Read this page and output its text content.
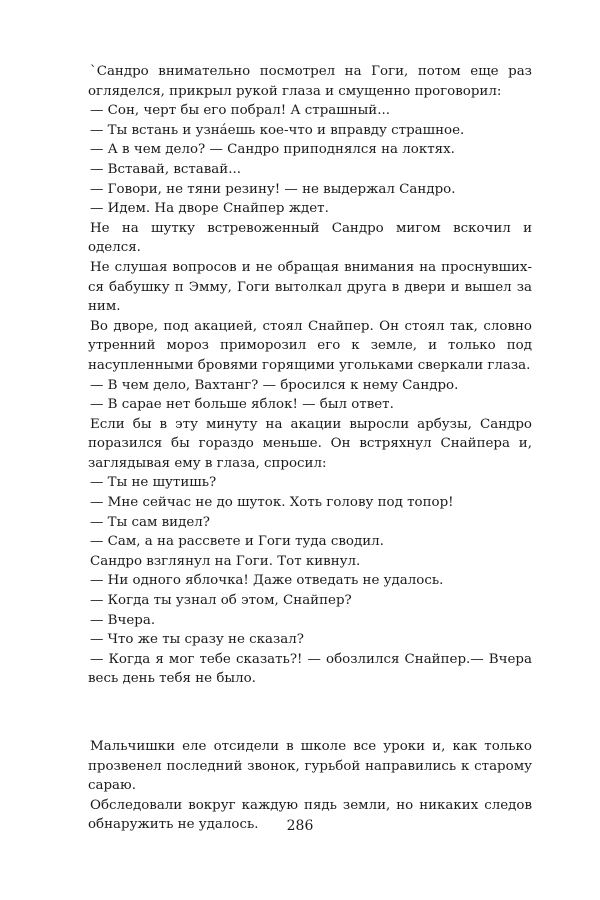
`Сандро внимательно посмотрел на Гоги, потом еще раз огляделся, прикрыл рукой глаза и смущенно проговорил:

— Сон, черт бы его побрал! А страшный...

— Ты встань и узнáешь кое-что и вправду страшное.

— А в чем дело? — Сандро приподнялся на локтях.

— Вставай, вставай...

— Говори, не тяни резину! — не выдержал Сандро.

— Идем. На дворе Снайпер ждет.

Не на шутку встревоженный Сандро мигом вскочил и оделся.

Не слушая вопросов и не обращая внимания на проснувшихся бабушку п Эмму, Гоги вытолкал друга в двери и вышел за ним.

Во дворе, под акацией, стоял Снайпер. Он стоял так, словно утренний мороз приморозил его к земле, и только под насупленными бровями горящими угольками сверкали глаза.

— В чем дело, Вахтанг? — бросился к нему Сандро.

— В сарае нет больше яблок! — был ответ.

Если бы в эту минуту на акации выросли арбузы, Сандро поразился бы гораздо меньше. Он встряхнул Снайпера и, заглядывая ему в глаза, спросил:

— Ты не шутишь?

— Мне сейчас не до шуток. Хоть голову под топор!

— Ты сам видел?

— Сам, а на рассвете и Гоги туда сводил.

Сандро взглянул на Гоги. Тот кивнул.

— Ни одного яблочка! Даже отведать не удалось.

— Когда ты узнал об этом, Снайпер?

— Вчера.

— Что же ты сразу не сказал?

— Когда я мог тебе сказать?! — обозлился Снайпер.— Вчера весь день тебя не было.

Мальчишки еле отсидели в школе все уроки и, как только прозвенел последний звонок, гурьбой направились к старому сараю.

Обследовали вокруг каждую пядь земли, но никаких следов обнаружить не удалось.	286
